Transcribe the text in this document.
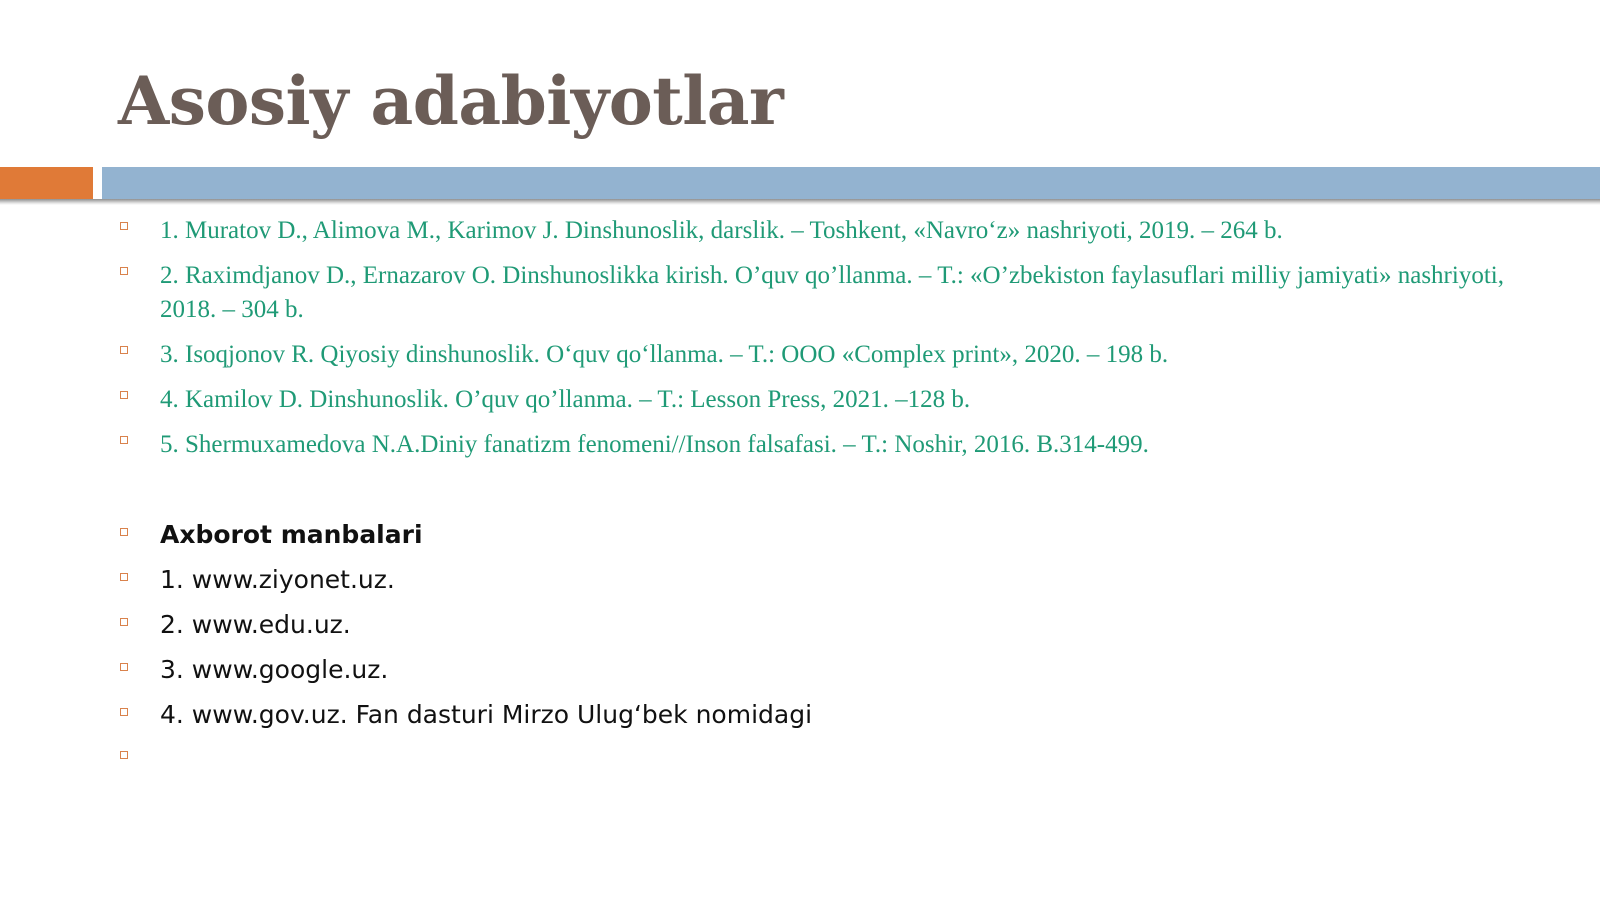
Asosiy adabiyotlar
1. Muratov D., Alimova M., Karimov J. Dinshunoslik, darslik. – Toshkent, «Navro‘z» nashriyoti, 2019. – 264 b.
2. Raximdjanov D., Ernazarov O. Dinshunoslikka kirish. O’quv qo’llanma. – T.: «O’zbekiston faylasuflari milliy jamiyati» nashriyoti, 2018. – 304 b.
3. Isoqjonov R. Qiyosiy dinshunoslik. O‘quv qo‘llanma. – T.: OOO «Complex print», 2020. – 198 b.
4. Kamilov D. Dinshunoslik. O’quv qo’llanma. – T.: Lesson Press, 2021. –128 b.
5. Shermuxamedova N.A.Diniy fanatizm fenomeni//Inson falsafasi. – T.: Noshir, 2016. B.314-499.
Axborot manbalari
1. www.ziyonet.uz.
2. www.edu.uz.
3. www.google.uz.
4. www.gov.uz. Fan dasturi Mirzo Ulug‘bek nomidagi
